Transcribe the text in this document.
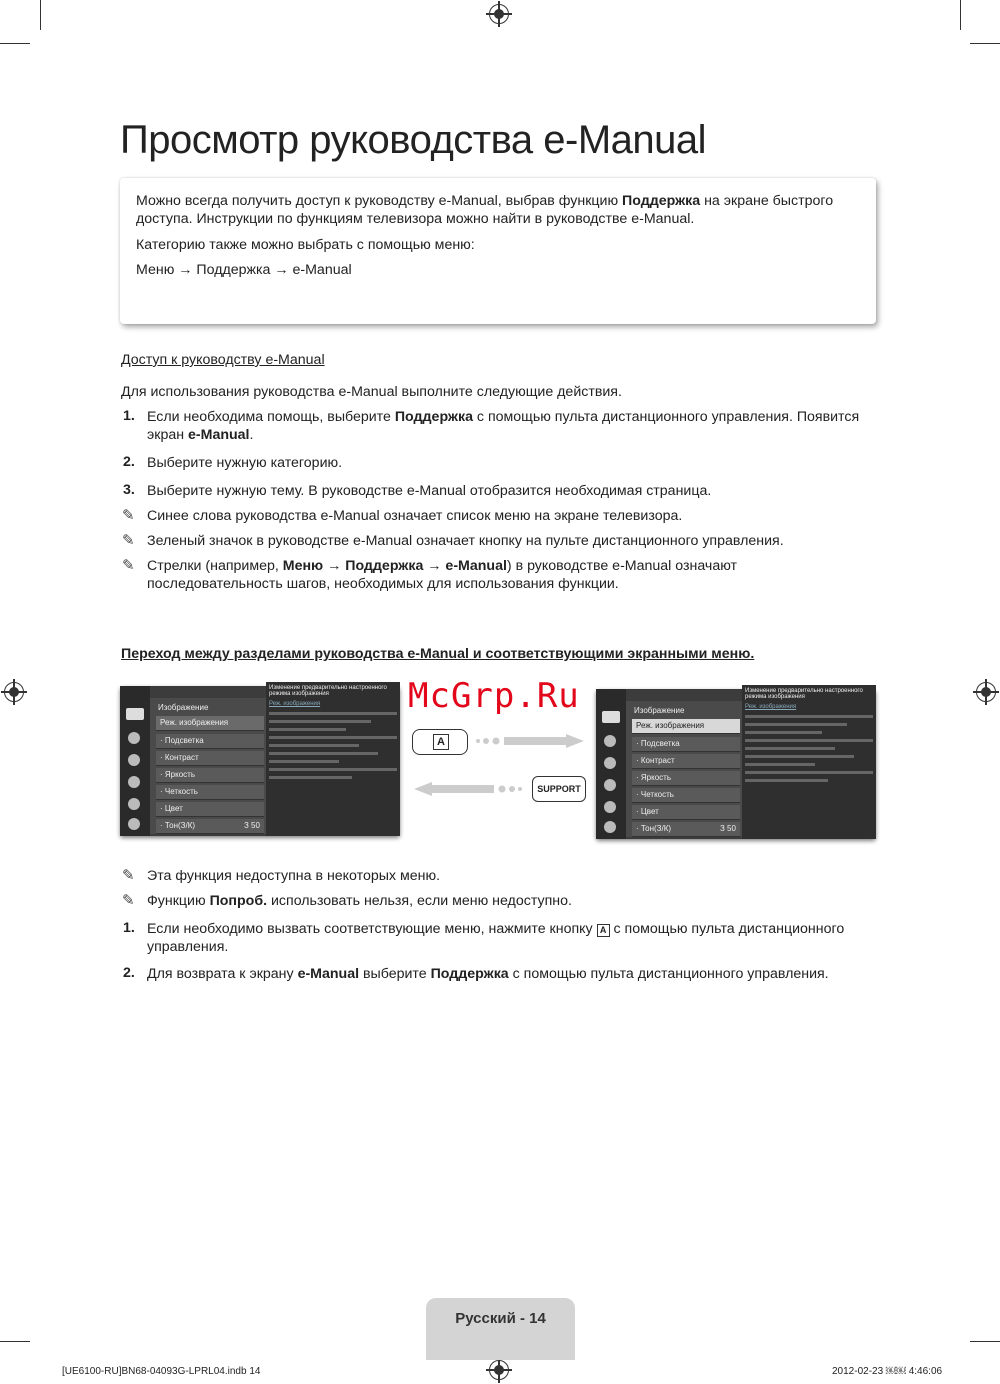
Просмотр руководства e-Manual

Можно всегда получить доступ к руководству e-Manual, выбрав функцию Поддержка на экране быстрого доступа. Инструкции по функциям телевизора можно найти в руководстве e-Manual.

Категорию также можно выбрать с помощью меню:

Меню → Поддержка → e-Manual

Доступ к руководству e-Manual
Для использования руководства e-Manual выполните следующие действия.
1. Если необходима помощь, выберите Поддержка с помощью пульта дистанционного управления. Появится экран e-Manual.
2. Выберите нужную категорию.
3. Выберите нужную тему. В руководстве e-Manual отобразится необходимая страница.
✎ Синее слова руководства e-Manual означает список меню на экране телевизора.
✎ Зеленый значок в руководстве e-Manual означает кнопку на пульте дистанционного управления.
✎ Стрелки (например, Меню → Поддержка → e-Manual) в руководстве e-Manual означают последовательность шагов, необходимых для использования функции.
Переход между разделами руководства e-Manual и соответствующими экранными меню.
Изображение
Реж. изображения
· Подсветка
· Контраст
· Яркость
· Четкость
· Цвет
· Тон(З/К)	З 50
Изменение предварительно настроенного режима изображения
Реж. изображения	McGrp.Ru
A
SUPPORT
Изображение
Реж. изображения
· Подсветка
· Контраст
· Яркость
· Четкость
· Цвет
· Тон(З/К)	З 50
Изменение предварительно настроенного режима изображения
Реж. изображения
✎ Эта функция недоступна в некоторых меню.
✎ Функцию Попроб. использовать нельзя, если меню недоступно.
1. Если необходимо вызвать соответствующие меню, нажмите кнопку A с помощью пульта дистанционного управления.
2. Для возврата к экрану e-Manual выберите Поддержка с помощью пульта дистанционного управления.
Русский - 14
[UE6100-RU]BN68-04093G-LPRL04.indb 14	2012-02-23 ￼￼ 4:46:06
